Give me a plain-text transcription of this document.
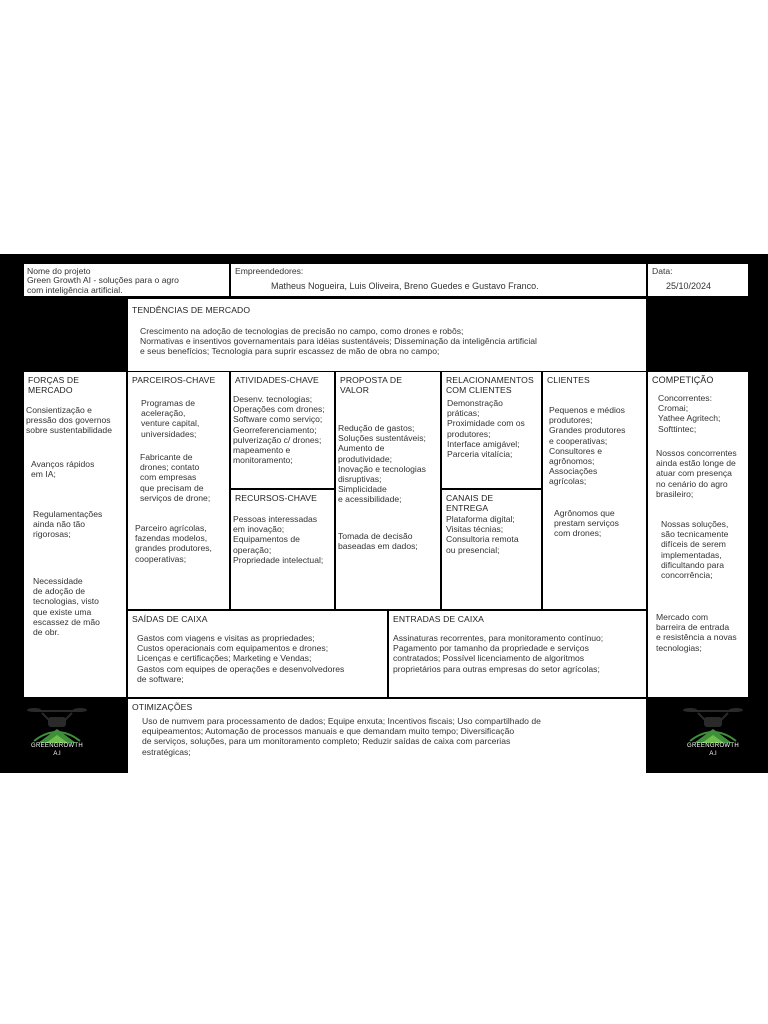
Nome do projeto
Green Growth AI - soluções para o agro
com inteligência artificial.
Empreendedores:
Matheus Nogueira, Luis Oliveira, Breno Guedes e Gustavo Franco.
Data:
25/10/2024
TENDÊNCIAS DE MERCADO
Crescimento na adoção de tecnologias de precisão no campo, como drones e robôs;
Normativas e insentivos governamentais para idéias sustentáveis; Disseminação da inteligência artificial
e seus benefícios; Tecnologia para suprir escassez de mão de obra no campo;
FORÇAS DE
MERCADO
Consientização e
pressão dos governos
sobre sustentabilidade
Avanços rápidos
em IA;
Regulamentações
ainda não tão
rigorosas;
Necessidade
de adoção de
tecnologias, visto
que existe uma
escassez de mão
de obr.
PARCEIROS-CHAVE
Programas de
aceleração,
venture capital,
universidades;
Fabricante de
drones; contato
com empresas
que precisam de
serviços de drone;
Parceiro agrícolas,
fazendas modelos,
grandes produtores,
cooperativas;
ATIVIDADES-CHAVE
Desenv. tecnologias;
Operações com drones;
Software como serviço;
Georreferenciamento;
pulverização c/ drones;
mapeamento e
monitoramento;
RECURSOS-CHAVE
Pessoas interessadas
em inovação;
Equipamentos de
operação;
Propriedade intelectual;
PROPOSTA DE
VALOR
Redução de gastos;
Soluções sustentáveis;
Aumento de
produtividade;
Inovação e tecnologias
disruptivas;
Simplicidade
e acessibilidade;
Tomada de decisão
baseadas em dados;
RELACIONAMENTOS
COM CLIENTES
Demonstração
práticas;
Proximidade com os
produtores;
Interface amigável;
Parceria vitalícia;
CANAIS DE ENTREGA
Plataforma digital;
Visitas técnias;
Consultoria remota
ou presencial;
CLIENTES
Pequenos e médios
produtores;
Grandes produtores
e cooperativas;
Consultores e
agrônomos;
Associações
agrícolas;
Agrônomos que
prestam serviços
com drones;
COMPETIÇÃO
Concorrentes:
Cromai;
Yathee Agritech;
Softtintec;
Nossos concorrentes
ainda estão longe de
atuar com presença
no cenário do agro
brasileiro;
Nossas soluções,
são tecnicamente
difíceis de serem
implementadas,
dificultando para
concorrência;
Mercado com
barreira de entrada
e resistência a novas
tecnologias;
SAÍDAS DE CAIXA
Gastos com viagens e visitas as propriedades;
Custos operacionais com equipamentos e drones;
Licenças e certificações; Marketing e Vendas;
Gastos com equipes de operações e desenvolvedores
de software;
ENTRADAS DE CAIXA
Assinaturas recorrentes, para monitoramento contínuo;
Pagamento por tamanho da propriedade e serviços
contratados; Possível licenciamento de algoritmos
proprietários para outras empresas do setor agrícolas;
OTIMIZAÇÕES
Uso de numvem para processamento de dados; Equipe enxuta; Incentivos fiscais; Uso compartilhado de
equipeamentos; Automação de processos manuais e que demandam muito tempo; Diversificação
de serviços, soluções, para um monitoramento completo; Reduzir saídas de caixa com parcerias
estratégicas;
GREENGROWTH
A.I
GREENGROWTH
A.I
